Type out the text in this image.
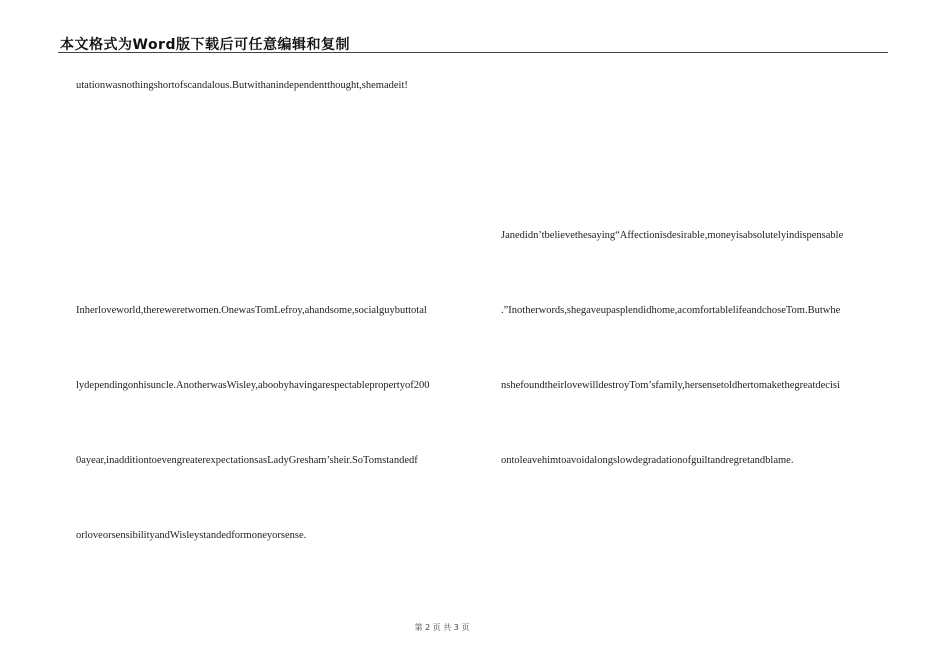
本文格式为Word版下载后可任意编辑和复制
utationwasnothingshortofscandalous.Butwithanindependentthought,shemadeit!
Inherloveworld,thereweretwomen.OnewasTomLefroy,ahandsome,socialguybuttotal
lydependingonhisuncle.AnotherwasWisley,aboobyhavingarespectablepropertyof200
0ayear,inadditiontoevengreaterexpectationsasLadyGresham’sheir.SoTomstandedf
orloveorsensibilityandWisleystandedformoneyorsense.
Janedidn’tbelievethesaying“Affectionisdesirable,moneyisabsolutelyindispensable
.”Inotherwords,shegaveupasplendidhome,acomfortablelifeandchoseTom.Butwhe
nshefoundtheirlovewilldestroyTom’sfamily,hersensetoldhertomakethegreatdecisi
ontoleavehimtoavoidalongslowdegradationofguiltandregretandblame.
第 2 页 共 3 页
